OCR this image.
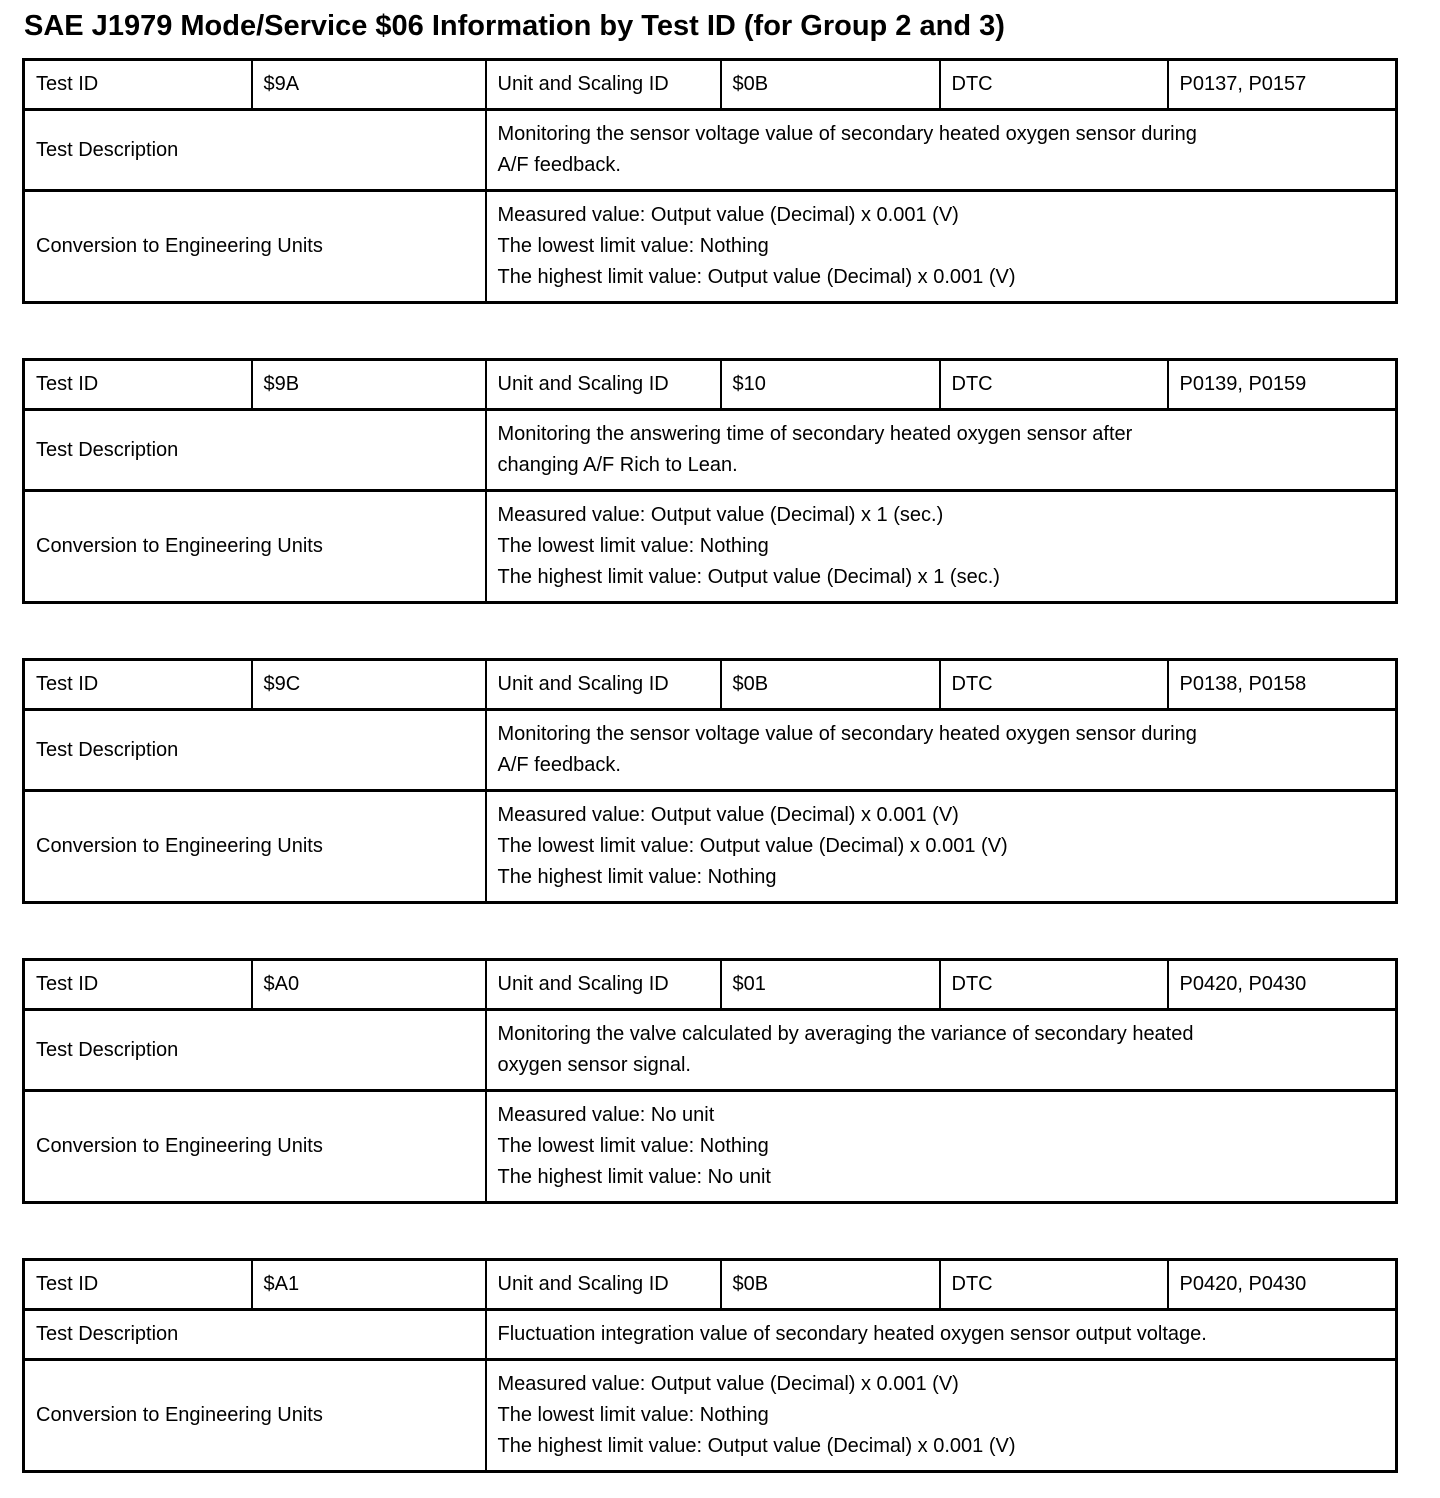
SAE J1979 Mode/Service $06 Information by Test ID (for Group 2 and 3)
Test ID	$9A	Unit and Scaling ID	$0B	DTC	P0137, P0157
Test Description		Monitoring the sensor voltage value of secondary heated oxygen sensor during
A/F feedback.			

Conversion to Engineering Units		Measured value: Output value (Decimal) x 0.001 (V)
The lowest limit value: Nothing
The highest limit value: Output value (Decimal) x 0.001 (V)			
Test ID	$9B	Unit and Scaling ID	$10	DTC	P0139, P0159
Test Description		Monitoring the answering time of secondary heated oxygen sensor after
changing A/F Rich to Lean.			

Conversion to Engineering Units		Measured value: Output value (Decimal) x 1 (sec.)
The lowest limit value: Nothing
The highest limit value: Output value (Decimal) x 1 (sec.)			
Test ID	$9C	Unit and Scaling ID	$0B	DTC	P0138, P0158
Test Description		Monitoring the sensor voltage value of secondary heated oxygen sensor during
A/F feedback.			

Conversion to Engineering Units		Measured value: Output value (Decimal) x 0.001 (V)
The lowest limit value: Output value (Decimal) x 0.001 (V)
The highest limit value: Nothing			
Test ID	$A0	Unit and Scaling ID	$01	DTC	P0420, P0430
Test Description		Monitoring the valve calculated by averaging the variance of secondary heated
oxygen sensor signal.			

Conversion to Engineering Units		Measured value: No unit
The lowest limit value: Nothing
The highest limit value: No unit			
Test ID	$A1	Unit and Scaling ID	$0B	DTC	P0420, P0430
Test Description		Fluctuation integration value of secondary heated oxygen sensor output voltage.			

Conversion to Engineering Units		Measured value: Output value (Decimal) x 0.001 (V)
The lowest limit value: Nothing
The highest limit value: Output value (Decimal) x 0.001 (V)			
